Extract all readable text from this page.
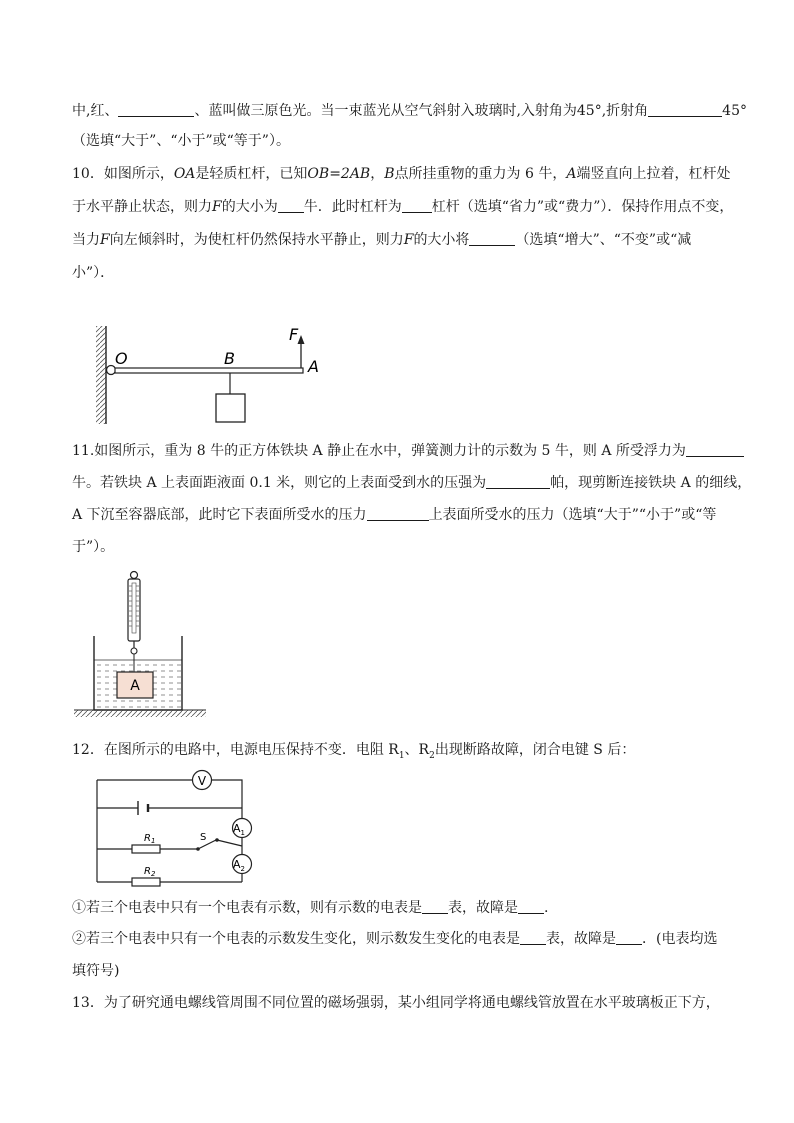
中,红、	、蓝叫做三原色光。当一束蓝光从空气斜射入玻璃时,入射角为45°,折射角	45°
（选填“大于”、“小于”或“等于”）。
10．如图所示，OA是轻质杠杆，已知OB=2AB，B点所挂重物的重力为 6 牛，A端竖直向上拉着，杠杆处
于水平静止状态，则力F的大小为 牛．此时杠杆为 杠杆（选填“省力”或“费力”）．保持作用点不变，
当力F向左倾斜时，为使杠杆仍然保持水平静止，则力F的大小将	（选填“增大”、“不变”或“减
小”）．
O	B	A
F
11.如图所示，重为 8 牛的正方体铁块 A 静止在水中，弹簧测力计的示数为 5 牛，则 A 所受浮力为
牛。若铁块 A 上表面距液面 0.1 米，则它的上表面受到水的压强为	帕，现剪断连接铁块 A 的细线，
A 下沉至容器底部，此时它下表面所受水的压力	上表面所受水的压力（选填“大于”“小于”或“等
于”）。
A
12．在图所示的电路中，电源电压保持不变．电阻 $R_1$、$R_2$出现断路故障，闭合电键 S 后：
V
$A_1$
$A_2$
$R_1$
$R_2$
S
①若三个电表中只有一个电表有示数，则有示数的电表是 表，故障是 .
②若三个电表中只有一个电表的示数发生变化，则示数发生变化的电表是 表，故障是 ．(电表均选
填符号)
13．为了研究通电螺线管周围不同位置的磁场强弱，某小组同学将通电螺线管放置在水平玻璃板正下方，
